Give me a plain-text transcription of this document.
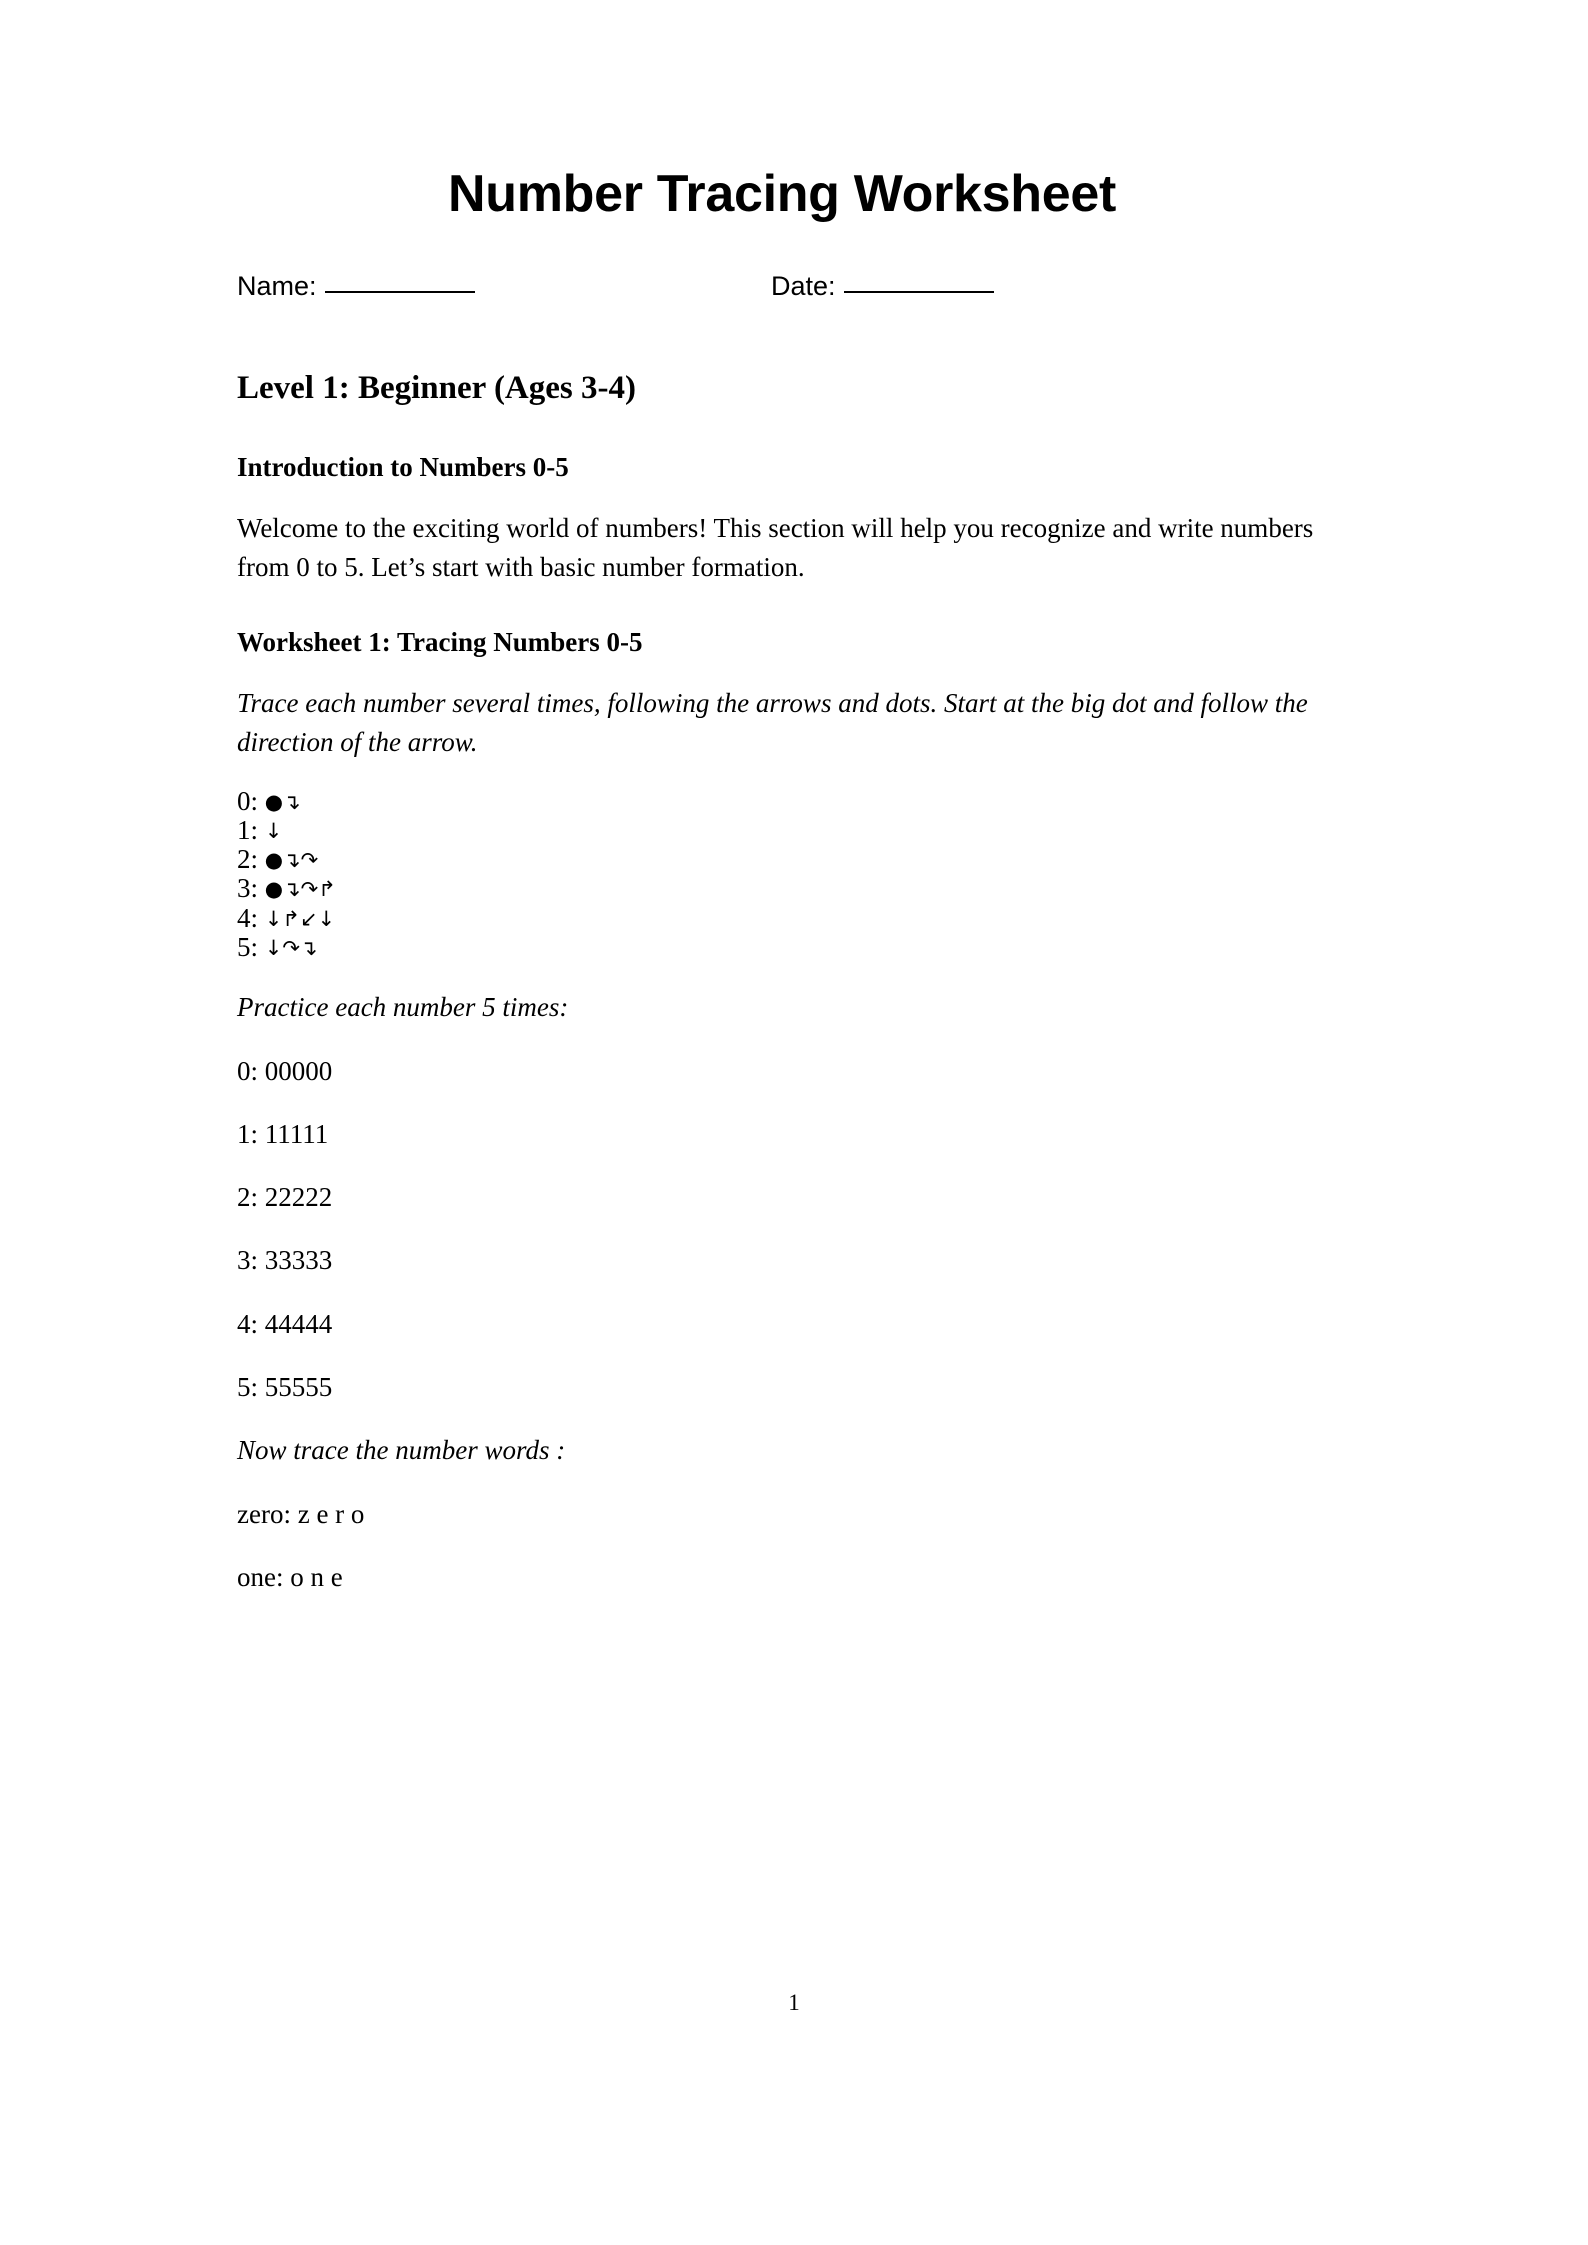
Number Tracing Worksheet
Name:	Date:
Level 1: Beginner (Ages 3-4)
Introduction to Numbers 0-5

Welcome to the exciting world of numbers! This section will help you recognize and write numbers from 0 to 5. Let’s start with basic number formation.

Worksheet 1: Tracing Numbers 0-5

Trace each number several times, following the arrows and dots. Start at the big dot and follow the direction of the arrow.

0: ●↴
1: ↓
2: ●↴↷
3: ●↴↷↱
4: ↓↱↙↓
5: ↓↷↴

Practice each number 5 times:

0: 00000

1: 11111

2: 22222

3: 33333

4: 44444

5: 55555

Now trace the number words :

zero: z e r o

one: o n e

1
